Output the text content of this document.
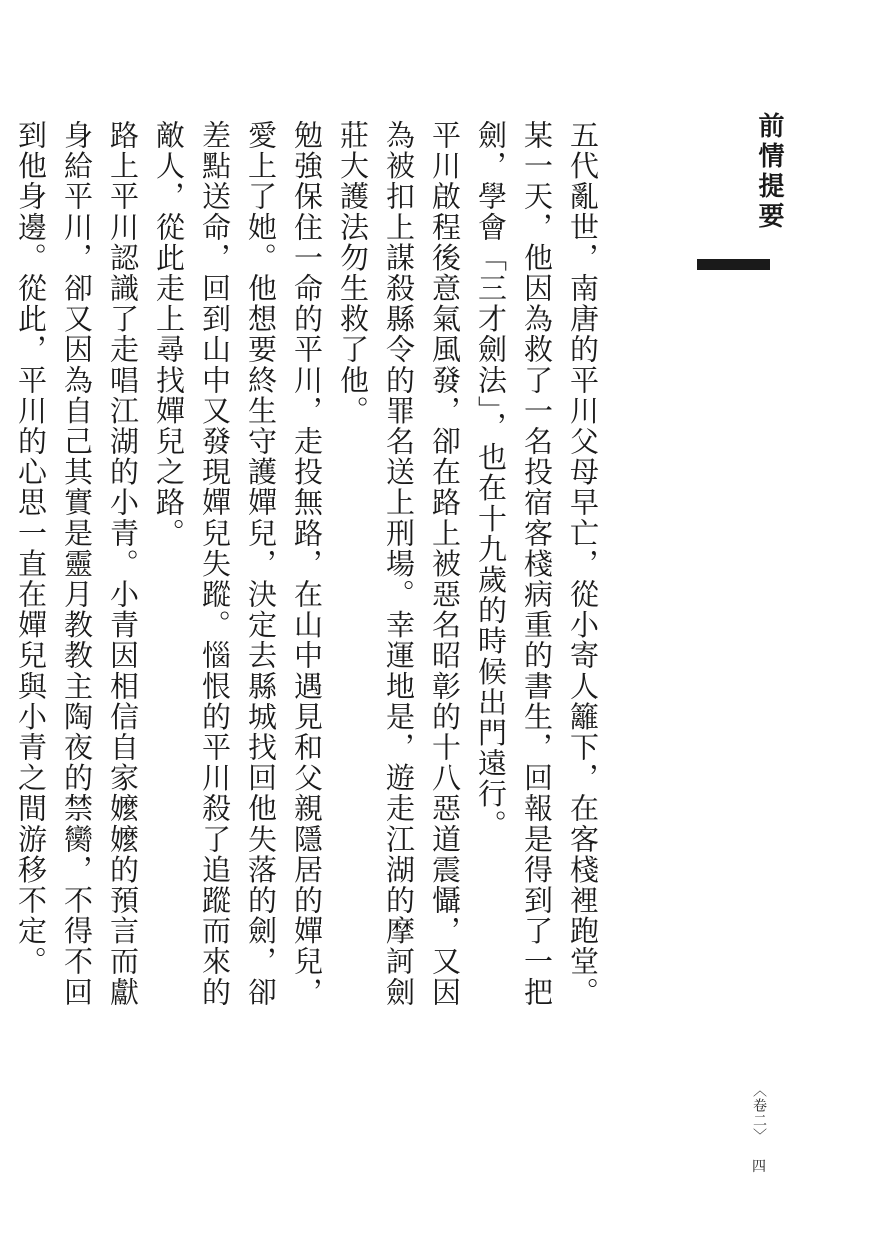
前情提要

五代亂世，南唐的平川父母早亡，從小寄人籬下，在客棧裡跑堂。

某一天，他因為救了一名投宿客棧病重的書生，回報是得到了一把劍，學會「三才劍法」，也在十九歲的時候出門遠行。

平川啟程後意氣風發，卻在路上被惡名昭彰的十八惡道震懾，又因為被扣上謀殺縣令的罪名送上刑場。幸運地是，遊走江湖的摩訶劍莊大護法勿生救了他。

勉強保住一命的平川，走投無路，在山中遇見和父親隱居的嬋兒，愛上了她。他想要終生守護嬋兒，決定去縣城找回他失落的劍，卻差點送命，回到山中又發現嬋兒失蹤。惱恨的平川殺了追蹤而來的敵人，從此走上尋找嬋兒之路。

路上平川認識了走唱江湖的小青。小青因相信自家嬤嬤的預言而獻身給平川，卻又因為自己其實是靈月教教主陶夜的禁臠，不得不回到他身邊。從此，平川的心思一直在嬋兒與小青之間游移不定。

〈卷二〉
四
